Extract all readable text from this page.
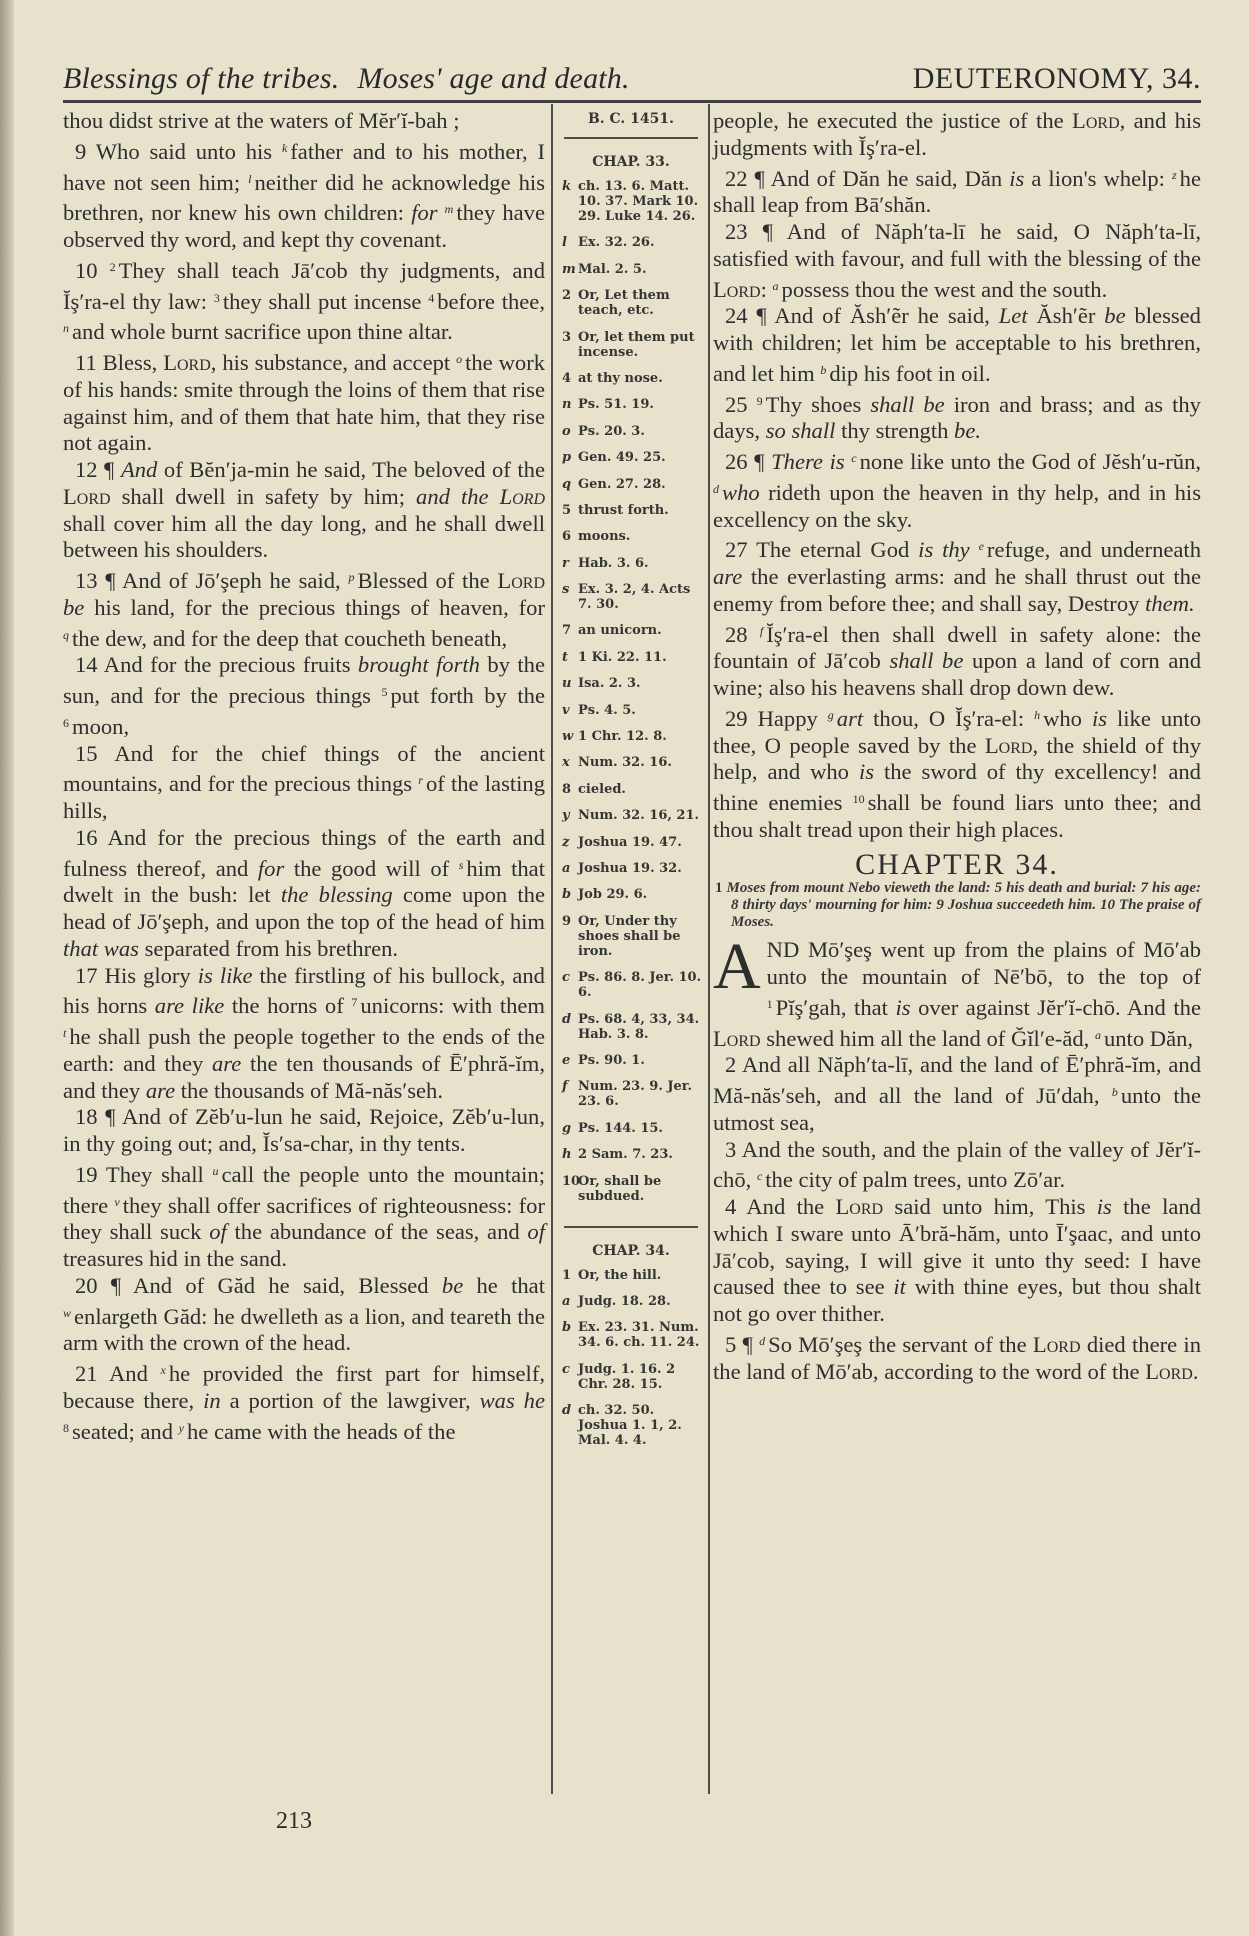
Blessings of the tribes. Moses' age and death.	DEUTERONOMY, 34.

thou didst strive at the waters of Mĕr′ĭ-bah ;

9 Who said unto his $^k$ father and to his mother, I have not seen him; $^l$ neither did he acknowledge his brethren, nor knew his own children: for $^m$ they have observed thy word, and kept thy covenant.

10 $^2$ They shall teach Jā′cob thy judgments, and Ĭş′ra-el thy law: $^3$ they shall put incense $^4$ before thee, $^n$ and whole burnt sacrifice upon thine altar.

11 Bless, Lord, his substance, and accept $^o$ the work of his hands: smite through the loins of them that rise against him, and of them that hate him, that they rise not again.

12 ¶ And of Bĕn′ja-min he said, The beloved of the Lord shall dwell in safety by him; and the Lord shall cover him all the day long, and he shall dwell between his shoulders.

13 ¶ And of Jō′şeph he said, $^p$ Blessed of the Lord be his land, for the precious things of heaven, for $^q$ the dew, and for the deep that coucheth beneath,

14 And for the precious fruits brought forth by the sun, and for the precious things $^5$ put forth by the $^6$ moon,

15 And for the chief things of the ancient mountains, and for the precious things $^r$ of the lasting hills,

16 And for the precious things of the earth and fulness thereof, and for the good will of $^s$ him that dwelt in the bush: let the blessing come upon the head of Jō′şeph, and upon the top of the head of him that was separated from his brethren.

17 His glory is like the firstling of his bullock, and his horns are like the horns of $^7$ unicorns: with them $^t$ he shall push the people together to the ends of the earth: and they are the ten thousands of Ē′phră-ĭm, and they are the thousands of Mă-năs′seh.

18 ¶ And of Zĕb′u-lun he said, Rejoice, Zĕb′u-lun, in thy going out; and, Ĭs′sa-char, in thy tents.

19 They shall $^u$ call the people unto the mountain; there $^v$ they shall offer sacrifices of righteousness: for they shall suck of the abundance of the seas, and of treasures hid in the sand.

20 ¶ And of Găd he said, Blessed be he that $^w$ enlargeth Găd: he dwelleth as a lion, and teareth the arm with the crown of the head.

21 And $^x$ he provided the first part for himself, because there, in a portion of the lawgiver, was he $^8$ seated; and $^y$ he came with the heads of the

B. C. 1451.
CHAP. 33.
k ch. 13. 6. Matt. 10. 37. Mark 10. 29. Luke 14. 26.
l Ex. 32. 26.
m Mal. 2. 5.
2 Or, Let them teach, etc.
3 Or, let them put incense.
4 at thy nose.
n Ps. 51. 19.
o Ps. 20. 3.
p Gen. 49. 25.
q Gen. 27. 28.
5 thrust forth.
6 moons.
r Hab. 3. 6.
s Ex. 3. 2, 4. Acts 7. 30.
7 an unicorn.
t 1 Ki. 22. 11.
u Isa. 2. 3.
v Ps. 4. 5.
w 1 Chr. 12. 8.
x Num. 32. 16.
8 cieled.
y Num. 32. 16, 21.
z Joshua 19. 47.
a Joshua 19. 32.
b Job 29. 6.
9 Or, Under thy shoes shall be iron.
c Ps. 86. 8. Jer. 10. 6.
d Ps. 68. 4, 33, 34. Hab. 3. 8.
e Ps. 90. 1.
f Num. 23. 9. Jer. 23. 6.
g Ps. 144. 15.
h 2 Sam. 7. 23.
10Or, shall be subdued.
CHAP. 34.
1 Or, the hill.
a Judg. 18. 28.
b Ex. 23. 31. Num. 34. 6. ch. 11. 24.
c Judg. 1. 16. 2 Chr. 28. 15.
d ch. 32. 50. Joshua 1. 1, 2. Mal. 4. 4.

people, he executed the justice of the Lord, and his judgments with Ĭş′ra-el.

22 ¶ And of Dăn he said, Dăn is a lion's whelp: $^z$ he shall leap from Bā′shăn.

23 ¶ And of Năph′ta-lī he said, O Năph′ta-lī, satisfied with favour, and full with the blessing of the Lord: $^a$ possess thou the west and the south.

24 ¶ And of Ăsh′ẽr he said, Let Ăsh′ẽr be blessed with children; let him be acceptable to his brethren, and let him $^b$ dip his foot in oil.

25 $^9$ Thy shoes shall be iron and brass; and as thy days, so shall thy strength be.

26 ¶ There is $^c$ none like unto the God of Jĕsh′u-rŭn, $^d$ who rideth upon the heaven in thy help, and in his excellency on the sky.

27 The eternal God is thy $^e$ refuge, and underneath are the everlasting arms: and he shall thrust out the enemy from before thee; and shall say, Destroy them.

28 $^f$ Ĭş′ra-el then shall dwell in safety alone: the fountain of Jā′cob shall be upon a land of corn and wine; also his heavens shall drop down dew.

29 Happy $^g$ art thou, O Ĭş′ra-el: $^h$ who is like unto thee, O people saved by the Lord, the shield of thy help, and who is the sword of thy excellency! and thine enemies $^{10}$ shall be found liars unto thee; and thou shalt tread upon their high places.

CHAPTER 34.
1 Moses from mount Nebo vieweth the land: 5 his death and burial: 7 his age: 8 thirty days' mourning for him: 9 Joshua succeedeth him. 10 The praise of Moses.

AND Mō′şeş went up from the plains of Mō′ab unto the mountain of Nē′bō, to the top of $^1$ Pĭş′gah, that is over against Jĕr′ĭ-chō. And the Lord shewed him all the land of Ğĭl′e-ăd, $^a$ unto Dăn,

2 And all Năph′ta-lī, and the land of Ē′phră-ĭm, and Mă-năs′seh, and all the land of Jū′dah, $^b$ unto the utmost sea,

3 And the south, and the plain of the valley of Jĕr′ĭ-chō, $^c$ the city of palm trees, unto Zō′ar.

4 And the Lord said unto him, This is the land which I sware unto Ā′bră-hăm, unto Ī′şaac, and unto Jā′cob, saying, I will give it unto thy seed: I have caused thee to see it with thine eyes, but thou shalt not go over thither.

5 ¶ $^d$ So Mō′şeş the servant of the Lord died there in the land of Mō′ab, according to the word of the Lord.

213
